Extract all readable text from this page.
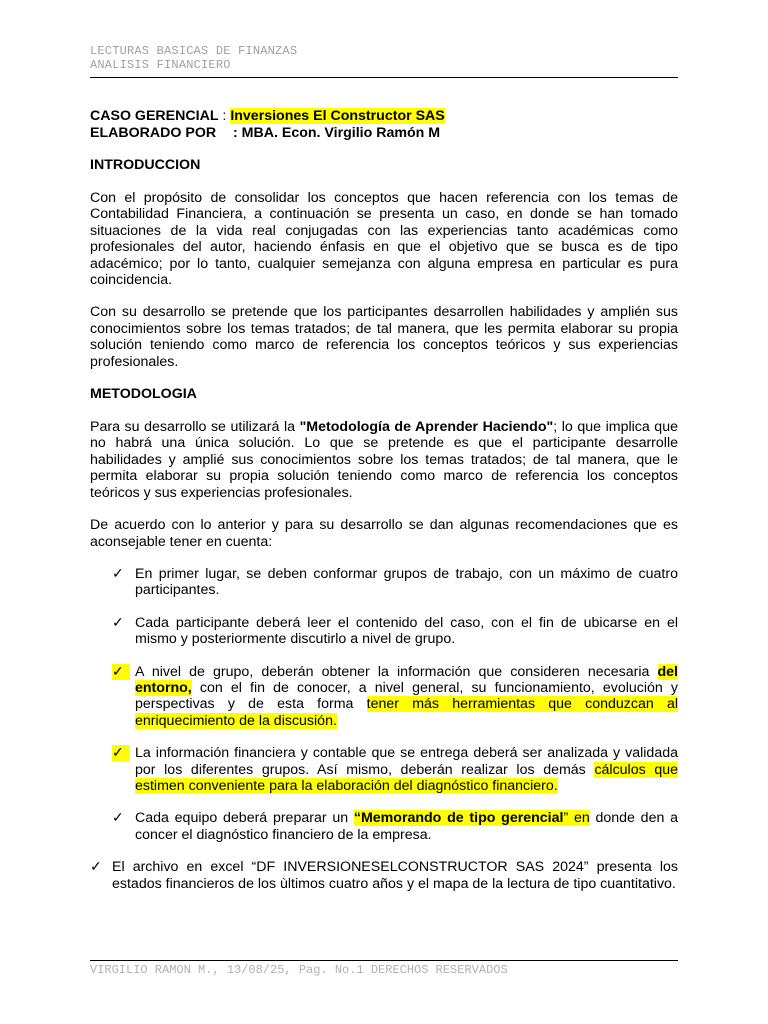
LECTURAS BASICAS DE FINANZAS
ANALISIS FINANCIERO
CASO GERENCIAL : Inversiones El Constructor SAS
ELABORADO POR : MBA. Econ. Virgilio Ramón M
INTRODUCCION

Con el propósito de consolidar los conceptos que hacen referencia con los temas de Contabilidad Financiera, a continuación se presenta un caso, en donde se han tomado situaciones de la vida real conjugadas con las experiencias tanto académicas como profesionales del autor, haciendo énfasis en que el objetivo que se busca es de tipo adacémico; por lo tanto, cualquier semejanza con alguna empresa en particular es pura coincidencia.

Con su desarrollo se pretende que los participantes desarrollen habilidades y amplién sus conocimientos sobre los temas tratados; de tal manera, que les permita elaborar su propia solución teniendo como marco de referencia los conceptos teóricos y sus experiencias profesionales.

METODOLOGIA

Para su desarrollo se utilizará la "Metodología de Aprender Haciendo"; lo que implica que no habrá una única solución. Lo que se pretende es que el participante desarrolle habilidades y amplié sus conocimientos sobre los temas tratados; de tal manera, que le permita elaborar su propia solución teniendo como marco de referencia los conceptos teóricos y sus experiencias profesionales.

De acuerdo con lo anterior y para su desarrollo se dan algunas recomendaciones que es aconsejable tener en cuenta:

✓ En primer lugar, se deben conformar grupos de trabajo, con un máximo de cuatro participantes.
✓ Cada participante deberá leer el contenido del caso, con el fin de ubicarse en el mismo y posteriormente discutirlo a nivel de grupo.
✓ A nivel de grupo, deberán obtener la información que consideren necesaria del entorno, con el fin de conocer, a nivel general, su funcionamiento, evolución y perspectivas y de esta forma tener más herramientas que conduzcan al enriquecimiento de la discusión.
✓ La información financiera y contable que se entrega deberá ser analizada y validada por los diferentes grupos. Así mismo, deberán realizar los demás cálculos que estimen conveniente para la elaboración del diagnóstico financiero.
✓ Cada equipo deberá preparar un “Memorando de tipo gerencial” en donde den a concer el diagnóstico financiero de la empresa.
✓ El archivo en excel “DF INVERSIONESELCONSTRUCTOR SAS 2024” presenta los estados financieros de los ùltimos cuatro años y el mapa de la lectura de tipo cuantitativo.
VIRGILIO RAMON M., 13/08/25, Pag. No.1 DERECHOS RESERVADOS
